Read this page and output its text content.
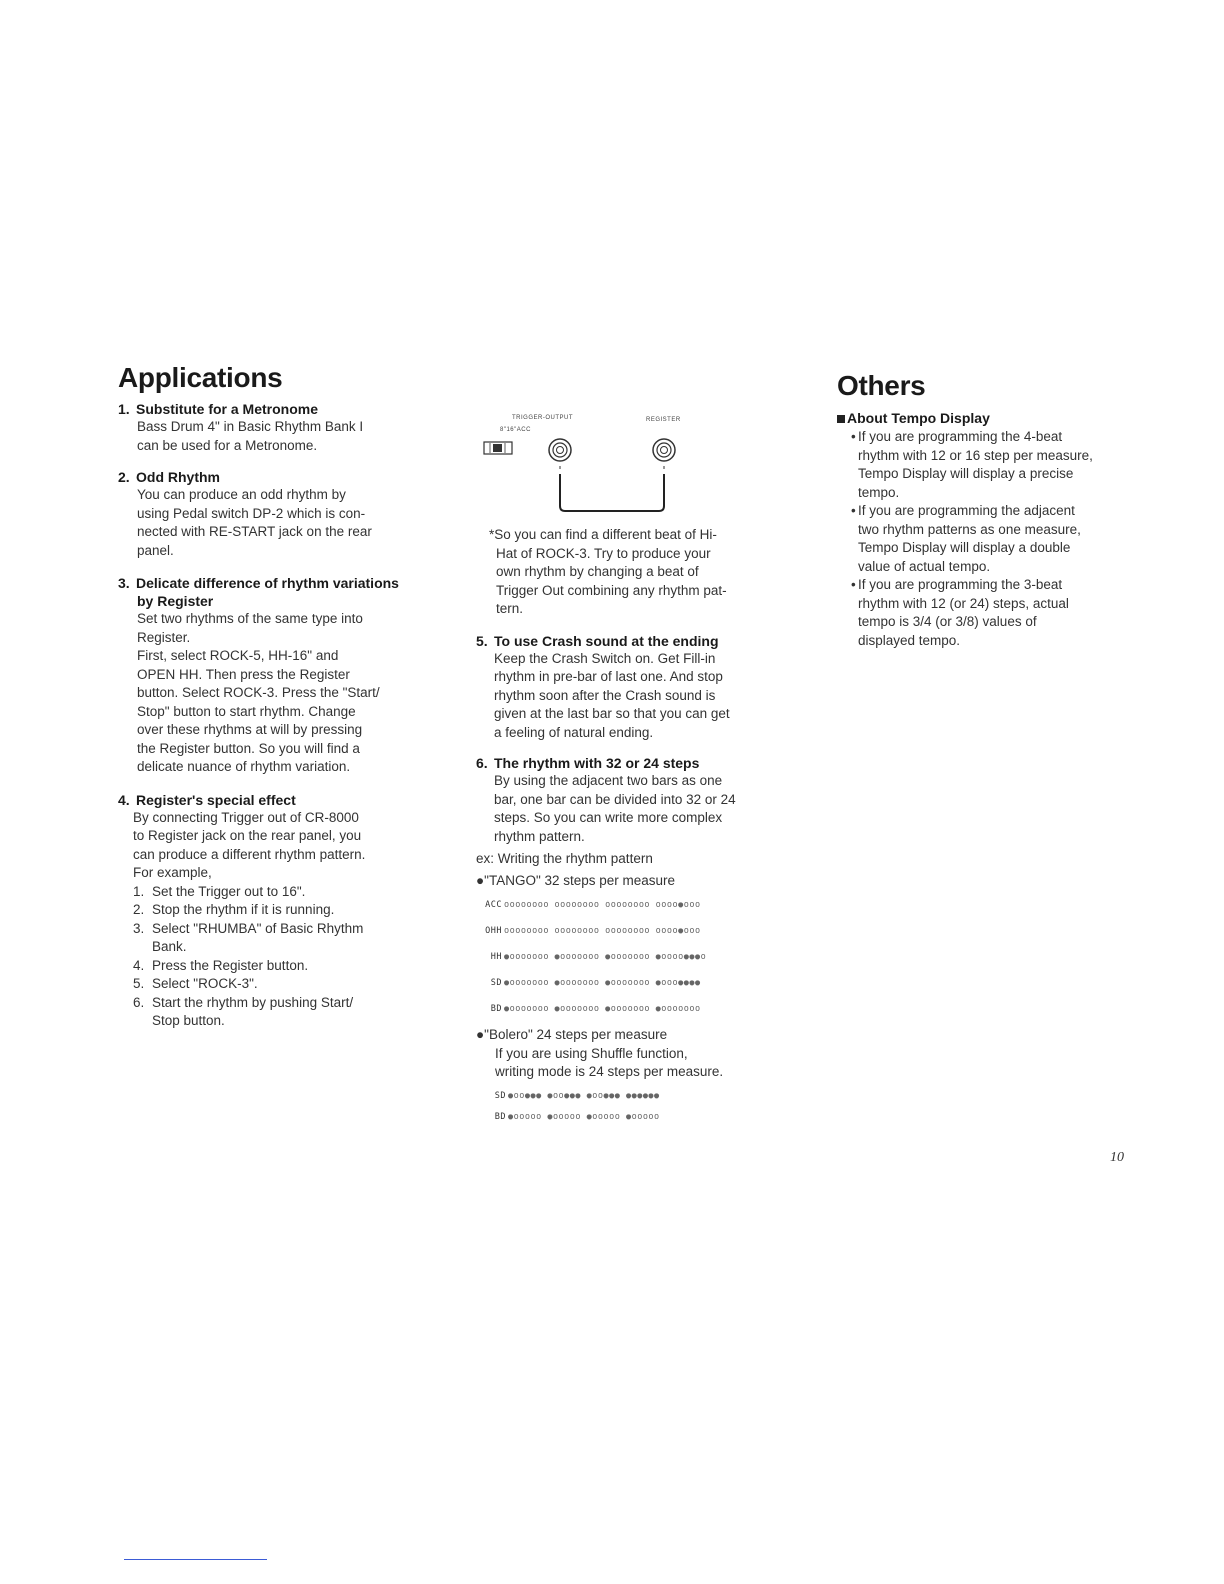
Applications
1. Substitute for a Metronome
Bass Drum 4" in Basic Rhythm Bank I
can be used for a Metronome.
2. Odd Rhythm
You can produce an odd rhythm by
using Pedal switch DP-2 which is con-
nected with RE-START jack on the rear
panel.
3. Delicate difference of rhythm variations
by Register
Set two rhythms of the same type into
Register.
First, select ROCK-5, HH-16" and
OPEN HH. Then press the Register
button. Select ROCK-3. Press the "Start/
Stop" button to start rhythm. Change
over these rhythms at will by pressing
the Register button. So you will find a
delicate nuance of rhythm variation.
4. Register's special effect
By connecting Trigger out of CR-8000
to Register jack on the rear panel, you
can produce a different rhythm pattern.
For example,
1. Set the Trigger out to 16".
2. Stop the rhythm if it is running.
3. Select "RHUMBA" of Basic Rhythm
Bank.
4. Press the Register button.
5. Select "ROCK-3".
6. Start the rhythm by pushing Start/
Stop button.
TRIGGER-OUTPUT
8"16"ACC
REGISTER
*So you can find a different beat of Hi-
Hat of ROCK-3. Try to produce your
own rhythm by changing a beat of
Trigger Out combining any rhythm pat-
tern.
5. To use Crash sound at the ending
Keep the Crash Switch on. Get Fill-in
rhythm in pre-bar of last one. And stop
rhythm soon after the Crash sound is
given at the last bar so that you can get
a feeling of natural ending.
6. The rhythm with 32 or 24 steps
By using the adjacent two bars as one
bar, one bar can be divided into 32 or 24
steps. So you can write more complex
rhythm pattern.
ex: Writing the rhythm pattern
●"TANGO" 32 steps per measure
ACC oooooooo oooooooo oooooooo oooo●ooo
OHH oooooooo oooooooo oooooooo oooo●ooo
HH ●ooooooo ●ooooooo ●ooooooo ●oooo●●●o
SD ●ooooooo ●ooooooo ●ooooooo ●ooo●●●●
BD ●ooooooo ●ooooooo ●ooooooo ●ooooooo
●"Bolero" 24 steps per measure
If you are using Shuffle function,
writing mode is 24 steps per measure.
SD ●oo●●● ●oo●●● ●oo●●● ●●●●●●
BD ●ooooo ●ooooo ●ooooo ●ooooo
Others
About Tempo Display
• If you are programming the 4-beat
rhythm with 12 or 16 step per measure,
Tempo Display will display a precise
tempo.
• If you are programming the adjacent
two rhythm patterns as one measure,
Tempo Display will display a double
value of actual tempo.
• If you are programming the 3-beat
rhythm with 12 (or 24) steps, actual
tempo is 3/4 (or 3/8) values of
displayed tempo.
10
